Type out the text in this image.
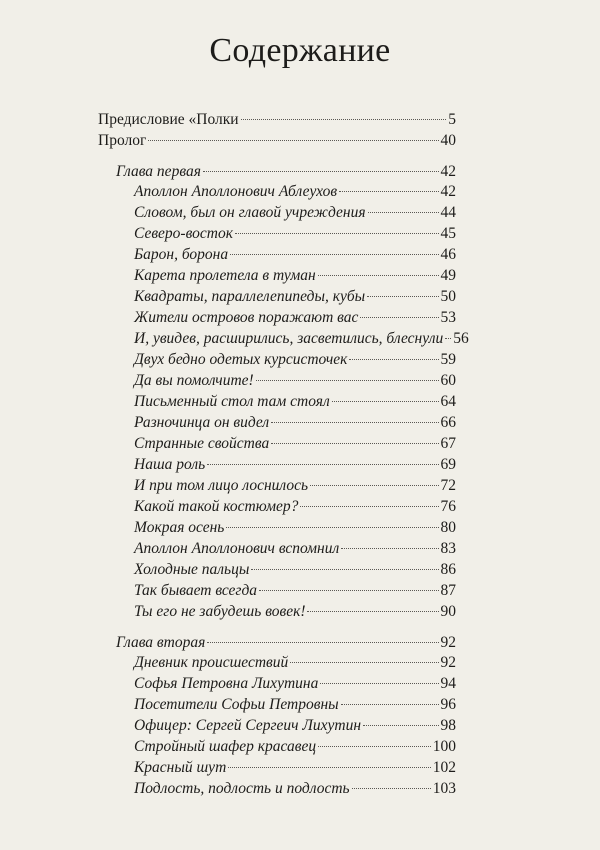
Содержание
Предисловие «Полки	5
Пролог	40
Глава первая	42
Аполлон Аполлонович Аблеухов	42
Словом, был он главой учреждения	44
Северо-восток	45
Барон, борона	46
Карета пролетела в туман	49
Квадраты, параллелепипеды, кубы	50
Жители островов поражают вас	53
И, увидев, расширились, засветились, блеснули 56
Двух бедно одетых курсисточек	59
Да вы помолчите!	60
Письменный стол там стоял	64
Разночинца он видел	66
Странные свойства	67
Наша роль	69
И при том лицо лоснилось	72
Какой такой костюмер?	76
Мокрая осень	80
Аполлон Аполлонович вспомнил	83
Холодные пальцы	86
Так бывает всегда	87
Ты его не забудешь вовек!	90
Глава вторая	92
Дневник происшествий	92
Софья Петровна Лихутина	94
Посетители Софьи Петровны	96
Офицер: Сергей Сергеич Лихутин	98
Стройный шафер красавец	100
Красный шут	102
Подлость, подлость и подлость	103
